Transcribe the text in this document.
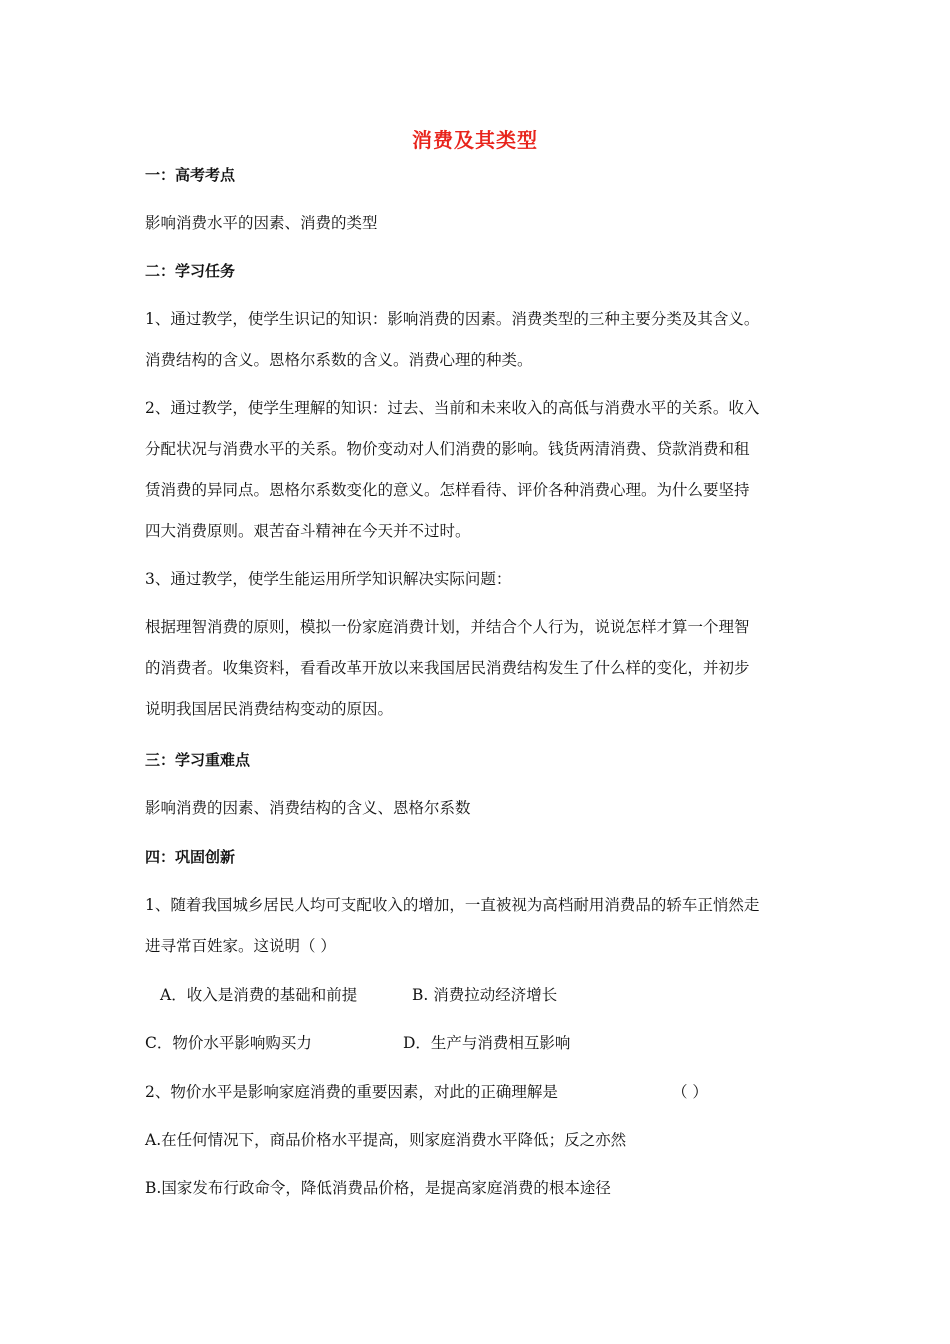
消费及其类型
一：高考考点
影响消费水平的因素、消费的类型
二：学习任务
1、通过教学，使学生识记的知识：影响消费的因素。消费类型的三种主要分类及其含义。
消费结构的含义。恩格尔系数的含义。消费心理的种类。
2、通过教学，使学生理解的知识：过去、当前和未来收入的高低与消费水平的关系。收入
分配状况与消费水平的关系。物价变动对人们消费的影响。钱货两清消费、贷款消费和租
赁消费的异同点。恩格尔系数变化的意义。怎样看待、评价各种消费心理。为什么要坚持
四大消费原则。艰苦奋斗精神在今天并不过时。
3、通过教学，使学生能运用所学知识解决实际问题：
根据理智消费的原则，模拟一份家庭消费计划，并结合个人行为，说说怎样才算一个理智
的消费者。收集资料，看看改革开放以来我国居民消费结构发生了什么样的变化，并初步
说明我国居民消费结构变动的原因。
三：学习重难点
影响消费的因素、消费结构的含义、恩格尔系数
四：巩固创新
1、随着我国城乡居民人均可支配收入的增加，一直被视为高档耐用消费品的轿车正悄然走
进寻常百姓家。这说明（ ）
A．收入是消费的基础和前提	B. 消费拉动经济增长
C．物价水平影响购买力	D．生产与消费相互影响
2、物价水平是影响家庭消费的重要因素，对此的正确理解是	（ ）
A.在任何情况下，商品价格水平提高，则家庭消费水平降低；反之亦然
B.国家发布行政命令，降低消费品价格，是提高家庭消费的根本途径
